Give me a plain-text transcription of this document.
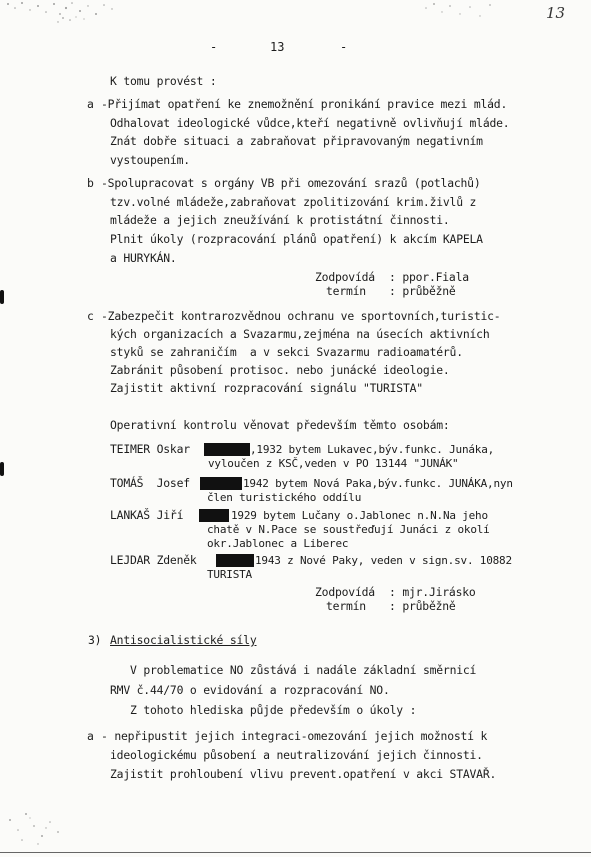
13
-	13	-
K tomu provést :
a -Přijímat opatření ke znemožnění pronikání pravice mezi mlád.
Odhalovat ideologické vůdce,kteří negativně ovlivňují mláde.
Znát dobře situaci a zabraňovat připravovaným negativním
vystoupením.
b -Spolupracovat s orgány VB při omezování srazů (potlachů)
tzv.volné mládeže,zabraňovat zpolitizování krim.živlů z
mládeže a jejich zneužívání k protistátní činnosti.
Plnit úkoly (rozpracování plánů opatření) k akcím KAPELA
a HURYKÁN.
Zodpovídá : ppor.Fiala
termín : průběžně
c -Zabezpečit kontrarozvědnou ochranu ve sportovních,turistic-
kých organizacích a Svazarmu,zejména na úsecích aktivních
styků se zahraničím  a v sekci Svazarmu radioamatérů.
Zabránit působení protisoc. nebo junácké ideologie.
Zajistit aktivní rozpracování signálu "TURISTA"
Operativní kontrolu věnovat především těmto osobám:
TEIMER Oskar	,1932 bytem Lukavec,býv.funkc. Junáka,
vyloučen z KSČ,veden v PO 13144 "JUNÁK"
TOMÁŠ  Josef	1942 bytem Nová Paka,býv.funkc. JUNÁKA,nyn
člen turistického oddílu
LANKAŠ Jiří	1929 bytem Lučany o.Jablonec n.N.Na jeho
chatě v N.Pace se soustřeďují Junáci z okolí
okr.Jablonec a Liberec
LEJDAR Zdeněk	1943 z Nové Paky, veden v sign.sv. 10882
TURISTA
Zodpovídá : mjr.Jirásko
termín : průběžně
3) Antisocialistické síly
V problematice NO zůstává i nadále základní směrnicí
RMV č.44/70 o evidování a rozpracování NO.
Z tohoto hlediska půjde především o úkoly :
a - nepřipustit jejich integraci-omezování jejich možností k
ideologickému působení a neutralizování jejich činnosti.
Zajistit prohloubení vlivu prevent.opatření v akci STAVAŘ.
